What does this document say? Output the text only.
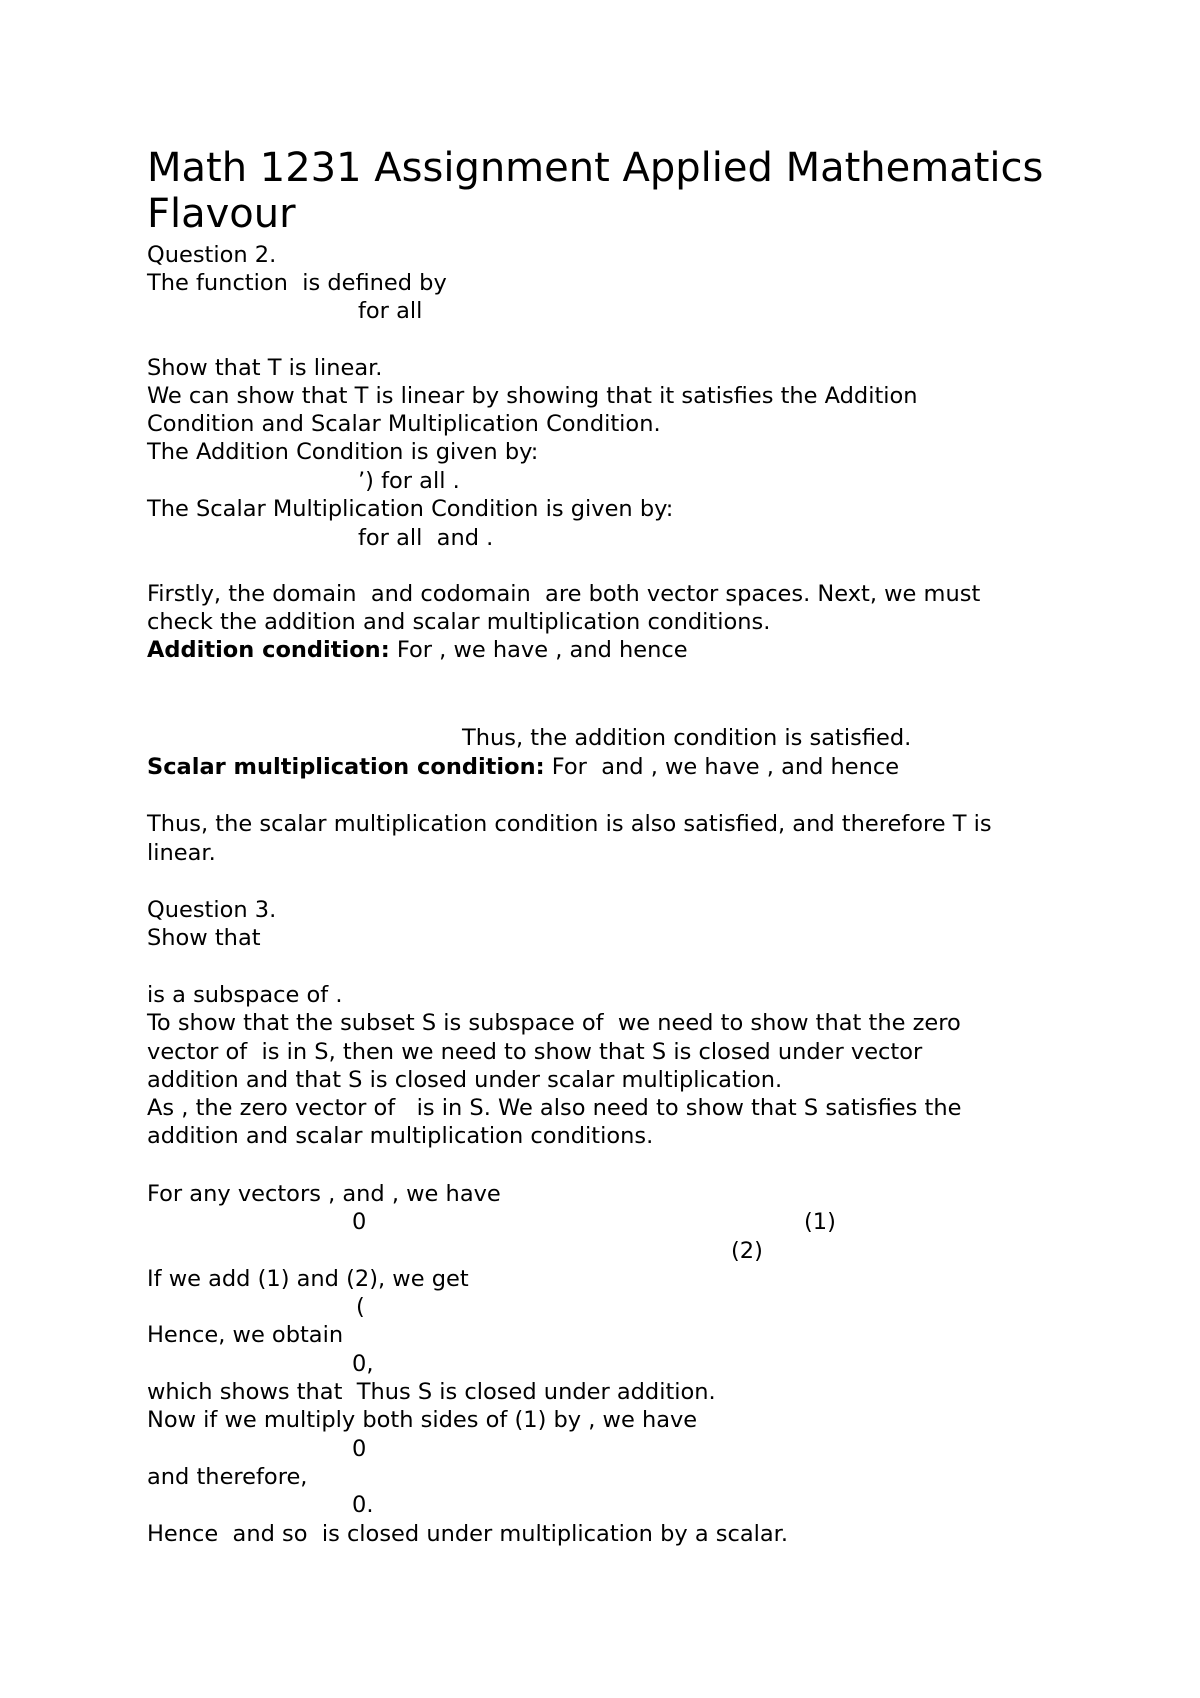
Math 1231 Assignment Applied Mathematics Flavour
Question 2.
The function  is defined by
for all
Show that T is linear.
We can show that T is linear by showing that it satisfies the Addition
Condition and Scalar Multiplication Condition.
The Addition Condition is given by:
’) for all .
The Scalar Multiplication Condition is given by:
for all  and .
Firstly, the domain  and codomain  are both vector spaces. Next, we must
check the addition and scalar multiplication conditions.
Addition condition: For , we have , and hence
Thus, the addition condition is satisfied.
Scalar multiplication condition: For  and , we have , and hence
Thus, the scalar multiplication condition is also satisfied, and therefore T is
linear.
Question 3.
Show that
is a subspace of .
To show that the subset S is subspace of  we need to show that the zero
vector of  is in S, then we need to show that S is closed under vector
addition and that S is closed under scalar multiplication.
As , the zero vector of   is in S. We also need to show that S satisfies the
addition and scalar multiplication conditions.
For any vectors , and , we have
0	(1)
(2)
If we add (1) and (2), we get
(
Hence, we obtain
0,
which shows that  Thus S is closed under addition.
Now if we multiply both sides of (1) by , we have
0
and therefore,
0.
Hence  and so  is closed under multiplication by a scalar.
